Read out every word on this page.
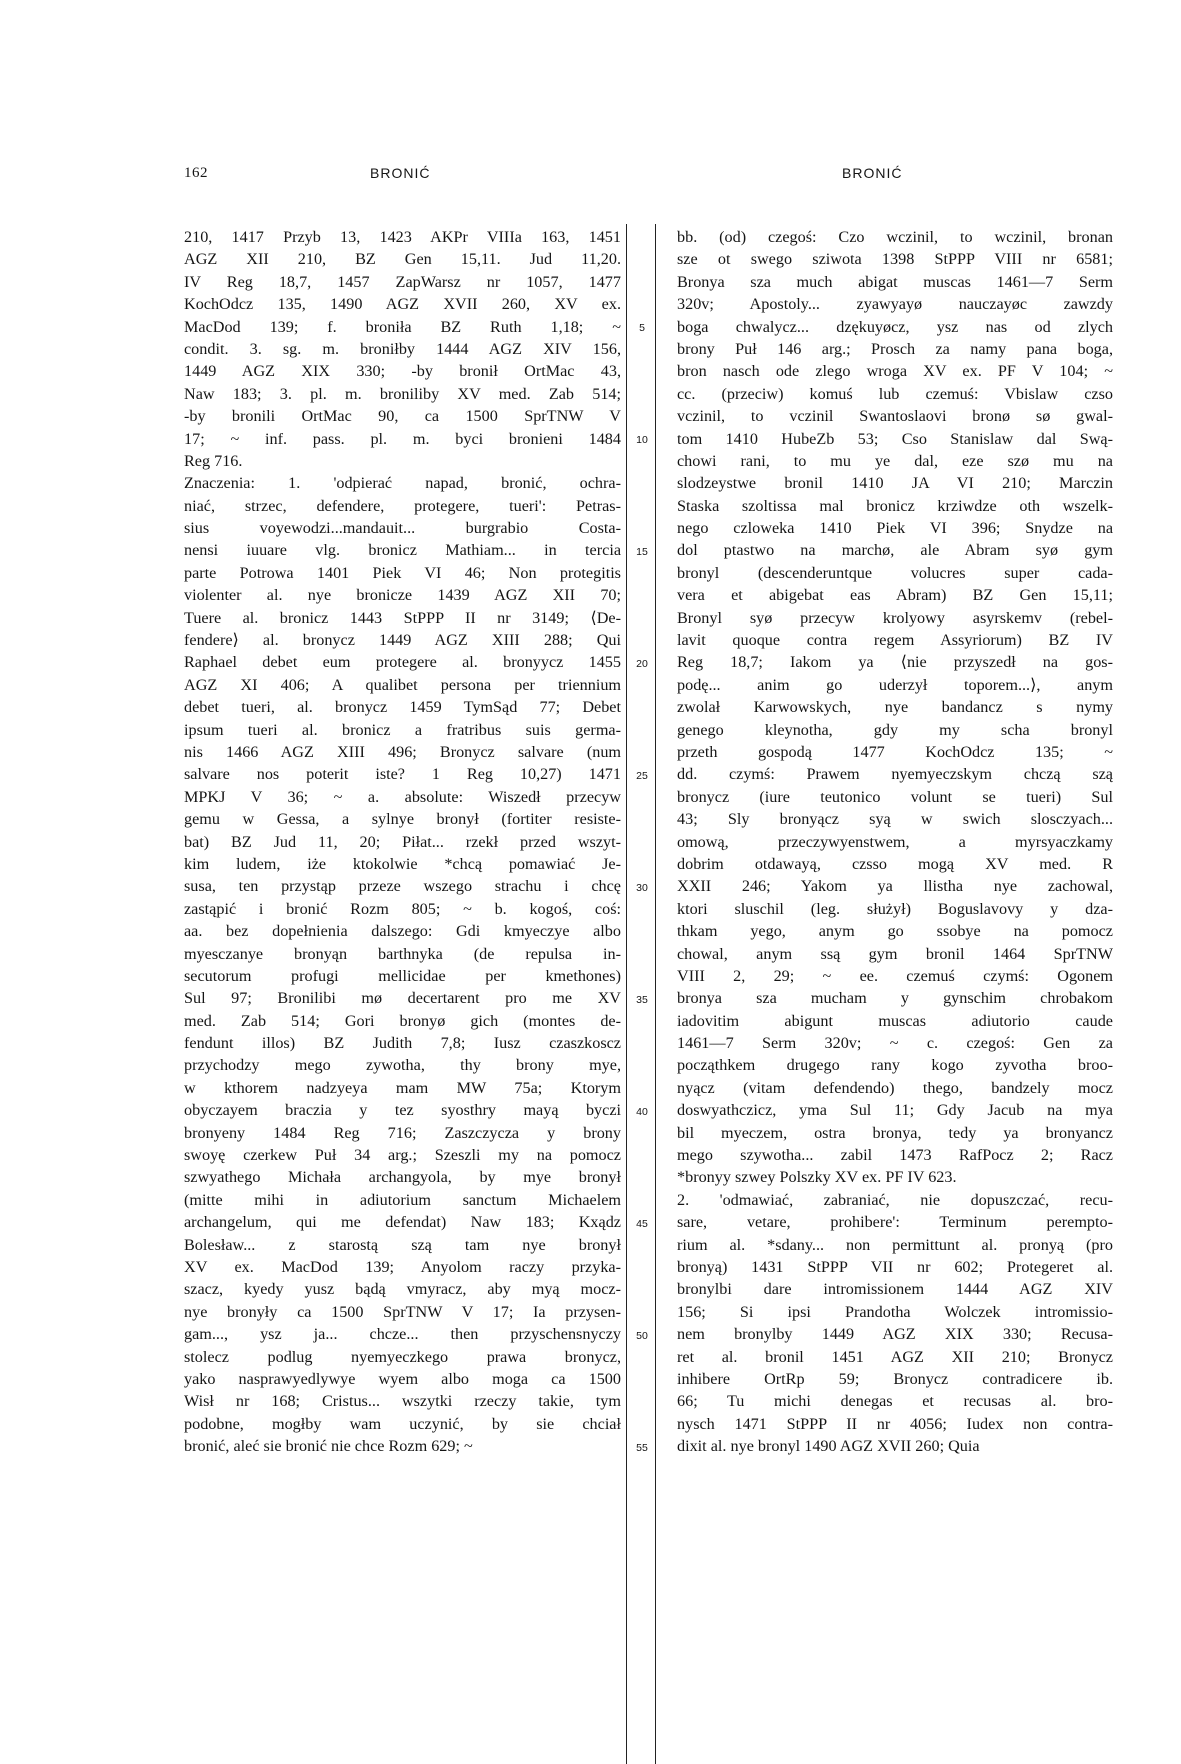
162	BRONIĆ	BRONIĆ
5
10
15
20
25
30
35
40
45
50
55
210, 1417 Przyb 13, 1423 AKPr VIIIa 163, 1451
AGZ XII 210, BZ Gen 15,11. Jud 11,20.
IV Reg 18,7, 1457 ZapWarsz nr 1057, 1477
KochOdcz 135, 1490 AGZ XVII 260, XV ex.
MacDod 139; f. broniła BZ Ruth 1,18; ~
condit. 3. sg. m. broniłby 1444 AGZ XIV 156,
1449 AGZ XIX 330; -by bronił OrtMac 43,
Naw 183; 3. pl. m. broniliby XV med. Zab 514;
-by bronili OrtMac 90, ca 1500 SprTNW V
17; ~ inf. pass. pl. m. byci bronieni 1484
Reg 716.
Znaczenia: 1. 'odpierać napad, bronić, ochra-
niać, strzec, defendere, protegere, tueri': Petras-
sius voyewodzi...mandauit... burgrabio Costa-
nensi iuuare vlg. bronicz Mathiam... in tercia
parte Potrowa 1401 Piek VI 46; Non protegitis
violenter al. nye bronicze 1439 AGZ XII 70;
Tuere al. bronicz 1443 StPPP II nr 3149; ⟨De-
fendere⟩ al. bronycz 1449 AGZ XIII 288; Qui
Raphael debet eum protegere al. bronyycz 1455
AGZ XI 406; A qualibet persona per triennium
debet tueri, al. bronycz 1459 TymSąd 77; Debet
ipsum tueri al. bronicz a fratribus suis germa-
nis 1466 AGZ XIII 496; Bronycz salvare (num
salvare nos poterit iste? 1 Reg 10,27) 1471
MPKJ V 36; ~ a. absolute: Wiszedł przecyw
gemu w Gessa, a sylnye bronył (fortiter resiste-
bat) BZ Jud 11, 20; Piłat... rzekł przed wszyt-
kim ludem, iże ktokolwie *chcą pomawiać Je-
susa, ten przystąp przeze wszego strachu i chcę
zastąpić i bronić Rozm 805; ~ b. kogoś, coś:
aa. bez dopełnienia dalszego: Gdi kmyeczye albo
myesczanye bronyąn barthnyka (de repulsa in-
secutorum profugi mellicidae per kmethones)
Sul 97; Bronilibi mø decertarent pro me XV
med. Zab 514; Gori bronyø gich (montes de-
fendunt illos) BZ Judith 7,8; Iusz czaszkoscz
przychodzy mego zywotha, thy brony mye,
w kthorem nadzyeya mam MW 75a; Ktorym
obyczayem braczia y tez syosthry mayą byczi
bronyeny 1484 Reg 716; Zaszczycza y brony
swoyę czerkew Puł 34 arg.; Szeszli my na pomocz
szwyathego Michała archangyola, by mye bronył
(mitte mihi in adiutorium sanctum Michaelem
archangelum, qui me defendat) Naw 183; Kxądz
Bolesław... z starostą szą tam nye bronył
XV ex. MacDod 139; Anyolom raczy przyka-
szacz, kyedy yusz bądą vmyracz, aby myą mocz-
nye bronyły ca 1500 SprTNW V 17; Ia przysen-
gam..., ysz ja... chcze... then przyschensnyczy
stolecz podlug nyemyeczkego prawa bronycz,
yako nasprawyedlywye wyem albo moga ca 1500
Wisł nr 168; Cristus... wszytki rzeczy takie, tym
podobne, mogłby wam uczynić, by sie chciał
bronić, aleć sie bronić nie chce Rozm 629; ~
bb. (od) czegoś: Czo wczinil, to wczinil, bronan
sze ot swego sziwota 1398 StPPP VIII nr 6581;
Bronya sza much abigat muscas 1461—7 Serm
320v; Apostoly... zyawyayø nauczayøc zawzdy
boga chwalycz... dzękuyøcz, ysz nas od zlych
brony Puł 146 arg.; Prosch za namy pana boga,
bron nasch ode zlego wroga XV ex. PF V 104; ~
cc. (przeciw) komuś lub czemuś: Vbislaw czso
vczinil, to vczinil Swantoslaovi bronø sø gwal-
tom 1410 HubeZb 53; Cso Stanislaw dal Swą-
chowi rani, to mu ye dal, eze szø mu na
slodzeystwe bronil 1410 JA VI 210; Marczin
Staska szoltissa mal bronicz krziwdze oth wszelk-
nego czloweka 1410 Piek VI 396; Snydze na
dol ptastwo na marchø, ale Abram syø gym
bronyl (descenderuntque volucres super cada-
vera et abigebat eas Abram) BZ Gen 15,11;
Bronyl syø przecyw krolyowy asyrskemv (rebel-
lavit quoque contra regem Assyriorum) BZ IV
Reg 18,7; Iakom ya ⟨nie przyszedł na gos-
podę... anim go uderzył toporem...⟩, anym
zwolał Karwowskych, nye bandancz s nymy
genego kleynotha, gdy my scha bronyl
przeth gospodą 1477 KochOdcz 135; ~
dd. czymś: Prawem nyemyeczskym chczą szą
bronycz (iure teutonico volunt se tueri) Sul
43; Sly bronyącz syą w swich slosczyach...
omową, przeczywyenstwem, a myrsyaczkamy
dobrim otdawayą, czsso mogą XV med. R
XXII 246; Yakom ya llistha nye zachowal,
ktori sluschil (leg. służył) Boguslavovy y dza-
thkam yego, anym go ssobye na pomocz
chowal, anym ssą gym bronil 1464 SprTNW
VIII 2, 29; ~ ee. czemuś czymś: Ogonem
bronya sza mucham y gynschim chrobakom
iadovitim abigunt muscas adiutorio caude
1461—7 Serm 320v; ~ c. czegoś: Gen za
począthkem drugego rany kogo zyvotha broo-
nyącz (vitam defendendo) thego, bandzely mocz
doswyathczicz, yma Sul 11; Gdy Jacub na mya
bil myeczem, ostra bronya, tedy ya bronyancz
mego szywotha... zabil 1473 RafPocz 2; Racz
*bronyy szwey Polszky XV ex. PF IV 623.
2. 'odmawiać, zabraniać, nie dopuszczać, recu-
sare, vetare, prohibere': Terminum perempto-
rium al. *sdany... non permittunt al. pronyą (pro
bronyą) 1431 StPPP VII nr 602; Protegeret al.
bronylbi dare intromissionem 1444 AGZ XIV
156; Si ipsi Prandotha Wolczek intromissio-
nem bronylby 1449 AGZ XIX 330; Recusa-
ret al. bronil 1451 AGZ XII 210; Bronycz
inhibere OrtRp 59; Bronycz contradicere ib.
66; Tu michi denegas et recusas al. bro-
nysch 1471 StPPP II nr 4056; Iudex non contra-
dixit al. nye bronyl 1490 AGZ XVII 260; Quia
